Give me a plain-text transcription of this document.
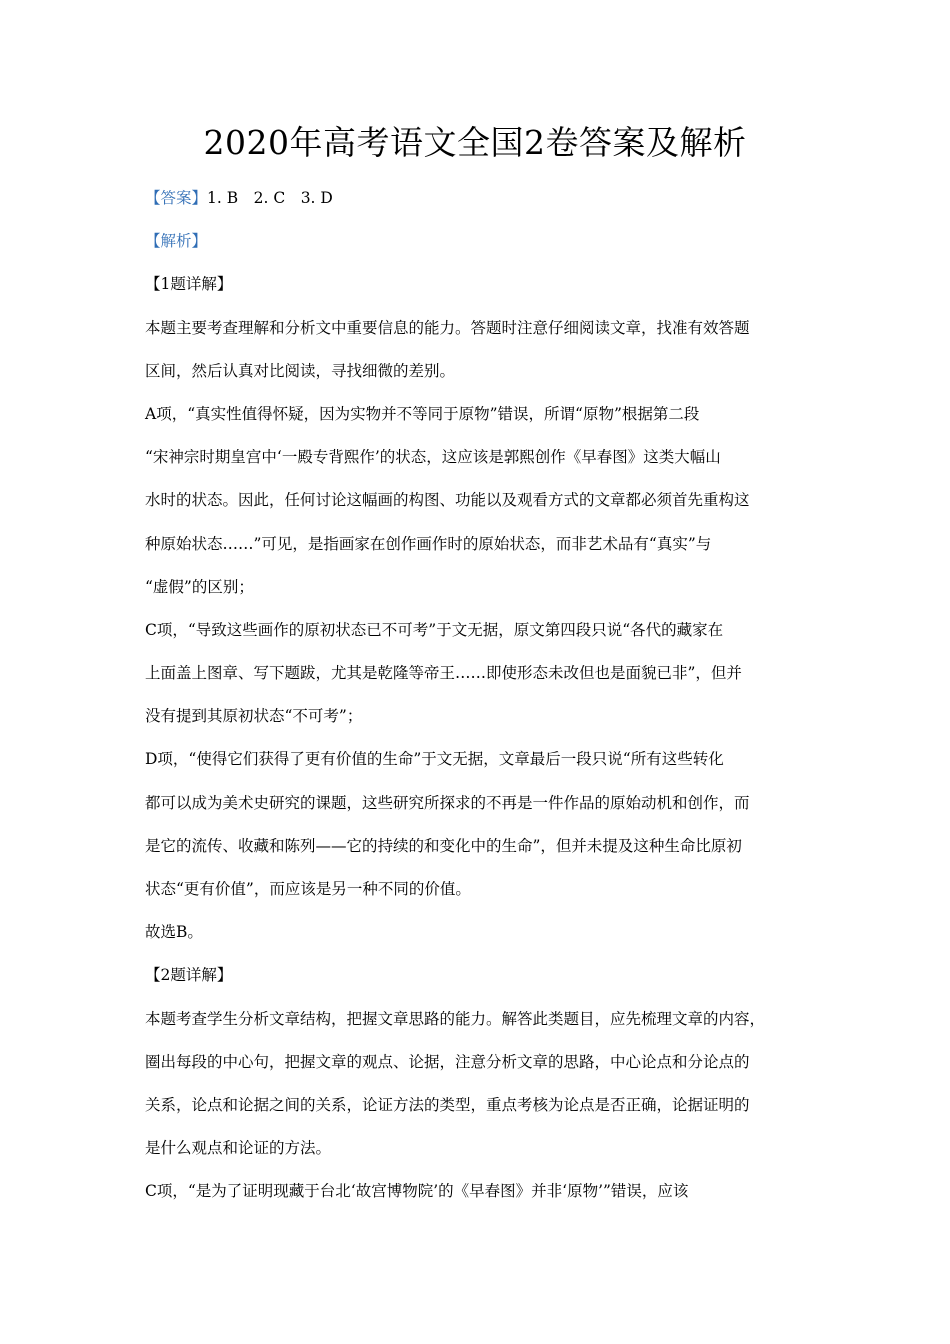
2020年高考语文全国2卷答案及解析
【答案】1. B　2. C　3. D
【解析】
【1题详解】
本题主要考查理解和分析文中重要信息的能力。答题时注意仔细阅读文章，找准有效答题
区间，然后认真对比阅读，寻找细微的差别。
A项，“真实性值得怀疑，因为实物并不等同于原物”错误，所谓“原物”根据第二段
“宋神宗时期皇宫中‘一殿专背熙作’的状态，这应该是郭熙创作《早春图》这类大幅山
水时的状态。因此，任何讨论这幅画的构图、功能以及观看方式的文章都必须首先重构这
种原始状态……”可见，是指画家在创作画作时的原始状态，而非艺术品有“真实”与
“虚假”的区别；
C项，“导致这些画作的原初状态已不可考”于文无据，原文第四段只说“各代的藏家在
上面盖上图章、写下题跋，尤其是乾隆等帝王……即使形态未改但也是面貌已非”，但并
没有提到其原初状态“不可考”；
D项，“使得它们获得了更有价值的生命”于文无据，文章最后一段只说“所有这些转化
都可以成为美术史研究的课题，这些研究所探求的不再是一件作品的原始动机和创作，而
是它的流传、收藏和陈列——它的持续的和变化中的生命”，但并未提及这种生命比原初
状态“更有价值”，而应该是另一种不同的价值。
故选B。
【2题详解】
本题考查学生分析文章结构，把握文章思路的能力。解答此类题目，应先梳理文章的内容，
圈出每段的中心句，把握文章的观点、论据，注意分析文章的思路，中心论点和分论点的
关系，论点和论据之间的关系，论证方法的类型，重点考核为论点是否正确，论据证明的
是什么观点和论证的方法。
C项，“是为了证明现藏于台北‘故宫博物院’的《早春图》并非‘原物’”错误，应该
